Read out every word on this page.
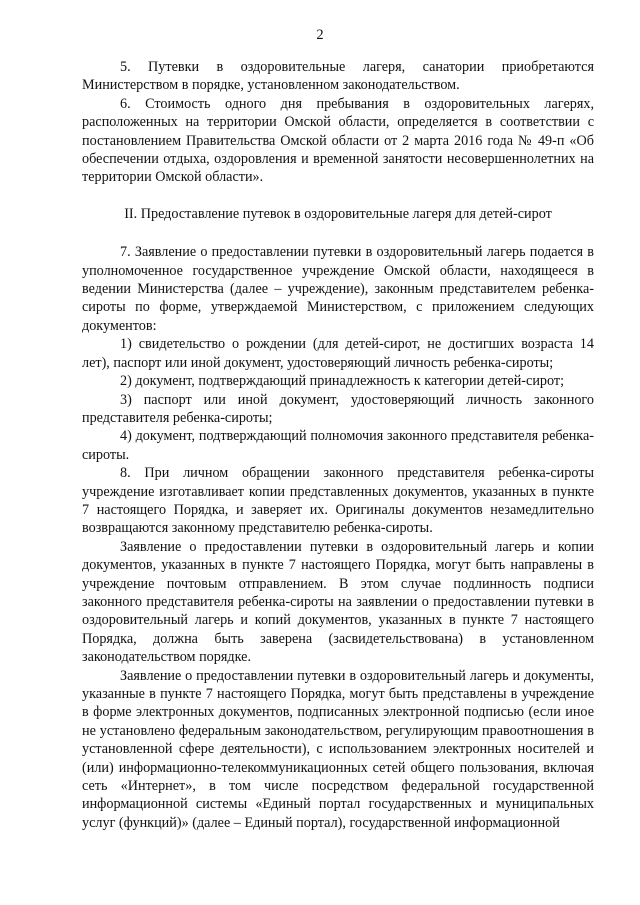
2

5. Путевки в оздоровительные лагеря, санатории приобретаются Министерством в порядке, установленном законодательством.

6. Стоимость одного дня пребывания в оздоровительных лагерях, расположенных на территории Омской области, определяется в соответствии с постановлением Правительства Омской области от 2 марта 2016 года № 49-п «Об обеспечении отдыха, оздоровления и временной занятости несовершеннолетних на территории Омской области».

II. Предоставление путевок в оздоровительные лагеря для детей-сирот

7. Заявление о предоставлении путевки в оздоровительный лагерь подается в уполномоченное государственное учреждение Омской области, находящееся в ведении Министерства (далее – учреждение), законным представителем ребенка-сироты по форме, утверждаемой Министерством, с приложением следующих документов:

1) свидетельство о рождении (для детей-сирот, не достигших возраста 14 лет), паспорт или иной документ, удостоверяющий личность ребенка-сироты;

2) документ, подтверждающий принадлежность к категории детей-сирот;

3) паспорт или иной документ, удостоверяющий личность законного представителя ребенка-сироты;

4) документ, подтверждающий полномочия законного представителя ребенка-сироты.

8. При личном обращении законного представителя ребенка-сироты учреждение изготавливает копии представленных документов, указанных в пункте 7 настоящего Порядка, и заверяет их. Оригиналы документов незамедлительно возвращаются законному представителю ребенка-сироты.

Заявление о предоставлении путевки в оздоровительный лагерь и копии документов, указанных в пункте 7 настоящего Порядка, могут быть направлены в учреждение почтовым отправлением. В этом случае подлинность подписи законного представителя ребенка-сироты на заявлении о предоставлении путевки в оздоровительный лагерь и копий документов, указанных в пункте 7 настоящего Порядка, должна быть заверена (засвидетельствована) в установленном законодательством порядке.

Заявление о предоставлении путевки в оздоровительный лагерь и документы, указанные в пункте 7 настоящего Порядка, могут быть представлены в учреждение в форме электронных документов, подписанных электронной подписью (если иное не установлено федеральным законодательством, регулирующим правоотношения в установленной сфере деятельности), с использованием электронных носителей и (или) информационно-телекоммуникационных сетей общего пользования, включая сеть «Интернет», в том числе посредством федеральной государственной информационной системы «Единый портал государственных и муниципальных услуг (функций)» (далее – Единый портал), государственной информационной
